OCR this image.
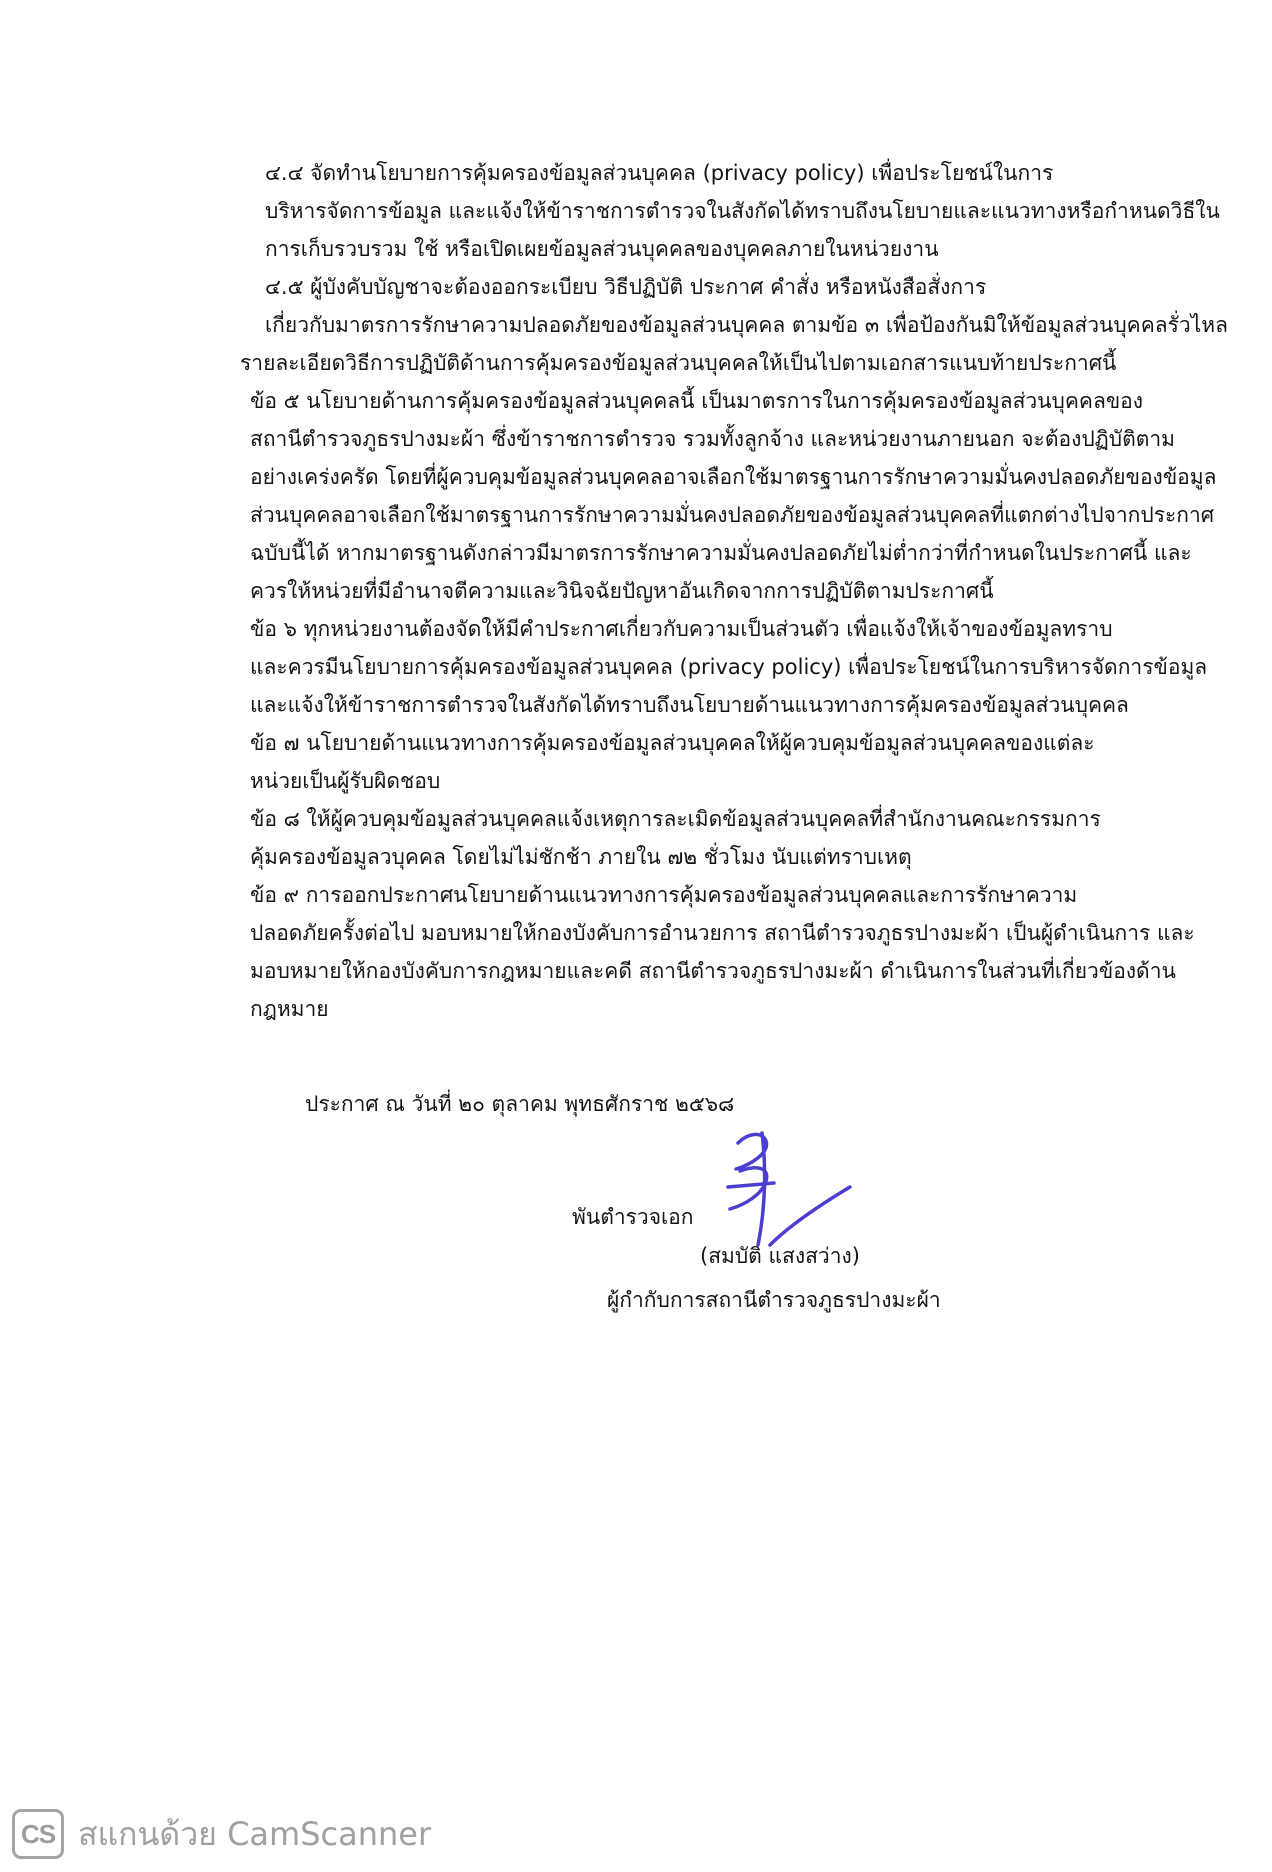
๔.๔ จัดทำนโยบายการคุ้มครองข้อมูลส่วนบุคคล (privacy policy) เพื่อประโยชน์ในการ
บริหารจัดการข้อมูล และแจ้งให้ข้าราชการตำรวจในสังกัดได้ทราบถึงนโยบายและแนวทางหรือกำหนดวิธีใน
การเก็บรวบรวม ใช้ หรือเปิดเผยข้อมูลส่วนบุคคลของบุคคลภายในหน่วยงาน

๔.๕ ผู้บังคับบัญชาจะต้องออกระเบียบ วิธีปฏิบัติ ประกาศ คำสั่ง หรือหนังสือสั่งการ
เกี่ยวกับมาตรการรักษาความปลอดภัยของข้อมูลส่วนบุคคล ตามข้อ ๓ เพื่อป้องกันมิให้ข้อมูลส่วนบุคคลรั่วไหล

รายละเอียดวิธีการปฏิบัติด้านการคุ้มครองข้อมูลส่วนบุคคลให้เป็นไปตามเอกสารแนบท้ายประกาศนี้

ข้อ ๕ นโยบายด้านการคุ้มครองข้อมูลส่วนบุคคลนี้ เป็นมาตรการในการคุ้มครองข้อมูลส่วนบุคคลของ
สถานีตำรวจภูธรปางมะผ้า ซึ่งข้าราชการตำรวจ รวมทั้งลูกจ้าง และหน่วยงานภายนอก จะต้องปฏิบัติตาม
อย่างเคร่งครัด โดยที่ผู้ควบคุมข้อมูลส่วนบุคคลอาจเลือกใช้มาตรฐานการรักษาความมั่นคงปลอดภัยของข้อมูล
ส่วนบุคคลอาจเลือกใช้มาตรฐานการรักษาความมั่นคงปลอดภัยของข้อมูลส่วนบุคคลที่แตกต่างไปจากประกาศ
ฉบับนี้ได้ หากมาตรฐานดังกล่าวมีมาตรการรักษาความมั่นคงปลอดภัยไม่ต่ำกว่าที่กำหนดในประกาศนี้ และ
ควรให้หน่วยที่มีอำนาจตีความและวินิจฉัยปัญหาอันเกิดจากการปฏิบัติตามประกาศนี้

ข้อ ๖ ทุกหน่วยงานต้องจัดให้มีคำประกาศเกี่ยวกับความเป็นส่วนตัว เพื่อแจ้งให้เจ้าของข้อมูลทราบ
และควรมีนโยบายการคุ้มครองข้อมูลส่วนบุคคล (privacy policy) เพื่อประโยชน์ในการบริหารจัดการข้อมูล
และแจ้งให้ข้าราชการตำรวจในสังกัดได้ทราบถึงนโยบายด้านแนวทางการคุ้มครองข้อมูลส่วนบุคคล

ข้อ ๗ นโยบายด้านแนวทางการคุ้มครองข้อมูลส่วนบุคคลให้ผู้ควบคุมข้อมูลส่วนบุคคลของแต่ละ
หน่วยเป็นผู้รับผิดชอบ

ข้อ ๘ ให้ผู้ควบคุมข้อมูลส่วนบุคคลแจ้งเหตุการละเมิดข้อมูลส่วนบุคคลที่สำนักงานคณะกรรมการ
คุ้มครองข้อมูลวบุคคล โดยไม่ไม่ชักช้า ภายใน ๗๒ ชั่วโมง นับแต่ทราบเหตุ

ข้อ ๙ การออกประกาศนโยบายด้านแนวทางการคุ้มครองข้อมูลส่วนบุคคลและการรักษาความ
ปลอดภัยครั้งต่อไป มอบหมายให้กองบังคับการอำนวยการ สถานีตำรวจภูธรปางมะผ้า เป็นผู้ดำเนินการ และ
มอบหมายให้กองบังคับการกฎหมายและคดี สถานีตำรวจภูธรปางมะผ้า ดำเนินการในส่วนที่เกี่ยวข้องด้าน
กฎหมาย

ประกาศ ณ วันที่ ๒๐ ตุลาคม พุทธศักราช ๒๕๖๘
พันตำรวจเอก
(สมบัติ แสงสว่าง)
ผู้กำกับการสถานีตำรวจภูธรปางมะผ้า
CS สแกนด้วย CamScanner
